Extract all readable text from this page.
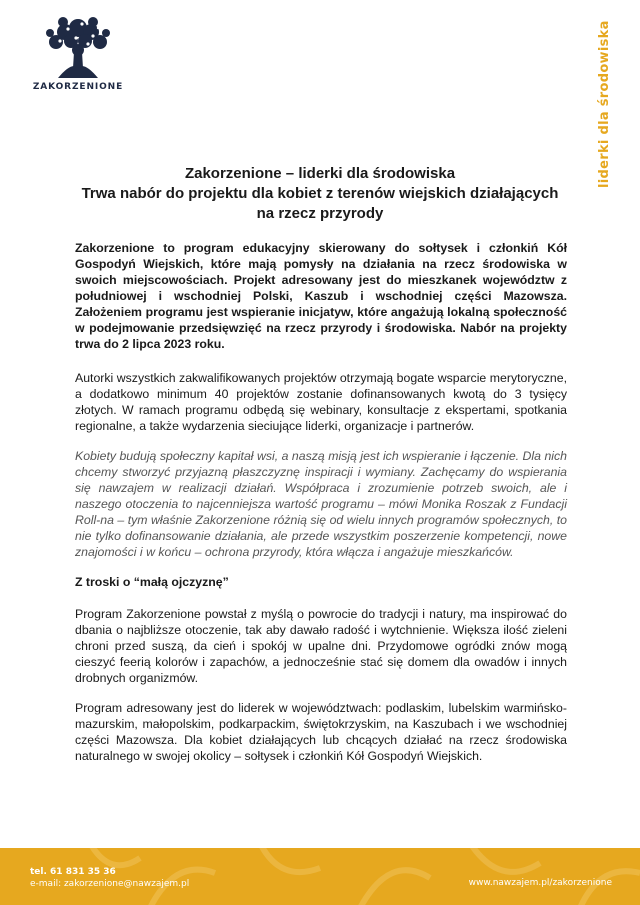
ZAKORZENIONE	liderki dla środowiska
Zakorzenione – liderki dla środowiska
Trwa nabór do projektu dla kobiet z terenów wiejskich działających
na rzecz przyrody

Zakorzenione to program edukacyjny skierowany do sołtysek i członkiń Kół Gospodyń Wiejskich, które mają pomysły na działania na rzecz środowiska w swoich miejscowościach. Projekt adresowany jest do mieszkanek województw z południowej i wschodniej Polski, Kaszub i wschodniej części Mazowsza. Założeniem programu jest wspieranie inicjatyw, które angażują lokalną społeczność w podejmowanie przedsięwzięć na rzecz przyrody i środowiska. Nabór na projekty trwa do 2 lipca 2023 roku.

Autorki wszystkich zakwalifikowanych projektów otrzymają bogate wsparcie merytoryczne, a dodatkowo minimum 40 projektów zostanie dofinansowanych kwotą do 3 tysięcy złotych. W ramach programu odbędą się webinary, konsultacje z ekspertami, spotkania regionalne, a także wydarzenia sieciujące liderki, organizacje i partnerów.

Kobiety budują społeczny kapitał wsi, a naszą misją jest ich wspieranie i łączenie. Dla nich chcemy stworzyć przyjazną płaszczyznę inspiracji i wymiany. Zachęcamy do wspierania się nawzajem w realizacji działań. Współpraca i zrozumienie potrzeb swoich, ale i naszego otoczenia to najcenniejsza wartość programu – mówi Monika Roszak z Fundacji Roll-na – tym właśnie Zakorzenione różnią się od wielu innych programów społecznych, to nie tylko dofinansowanie działania, ale przede wszystkim poszerzenie kompetencji, nowe znajomości i w końcu – ochrona przyrody, która włącza i angażuje mieszkańców.

Z troski o “małą ojczyznę”

Program Zakorzenione powstał z myślą o powrocie do tradycji i natury, ma inspirować do dbania o najbliższe otoczenie, tak aby dawało radość i wytchnienie. Większa ilość zieleni chroni przed suszą, da cień i spokój w upalne dni. Przydomowe ogródki znów mogą cieszyć feerią kolorów i zapachów, a jednocześnie stać się domem dla owadów i innych drobnych organizmów.

Program adresowany jest do liderek w województwach: podlaskim, lubelskim warmińsko-mazurskim, małopolskim, podkarpackim, świętokrzyskim, na Kaszubach i we wschodniej części Mazowsza. Dla kobiet działających lub chcących działać na rzecz środowiska naturalnego w swojej okolicy – sołtysek i członkiń Kół Gospodyń Wiejskich.

tel. 61 831 35 36
e-mail: zakorzenione@nawzajem.pl	www.nawzajem.pl/zakorzenione
